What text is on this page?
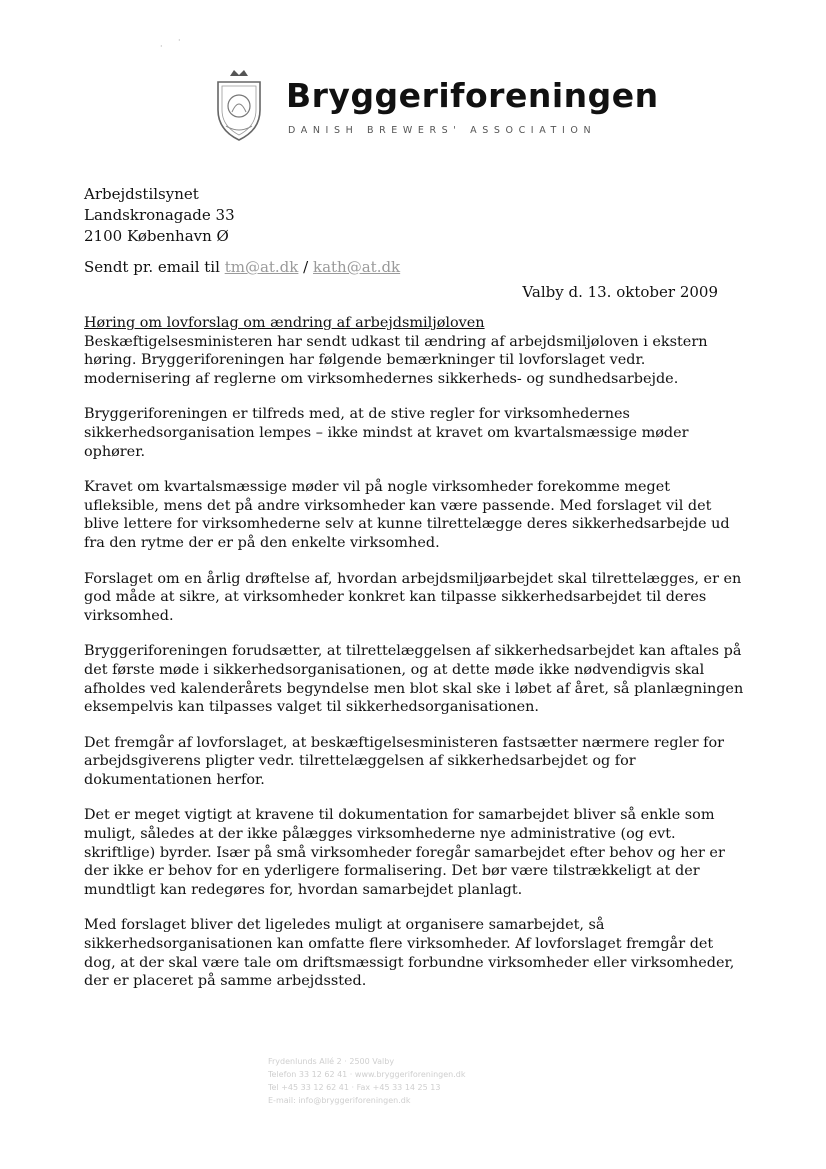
Bryggeriforeningen
DANISH BREWERS' ASSOCIATION
Arbejdstilsynet
Landskronagade 33
2100 København Ø
Sendt pr. email til tm@at.dk / kath@at.dk
Valby d. 13. oktober 2009
Høring om lovforslag om ændring af arbejdsmiljøloven

Beskæftigelsesministeren har sendt udkast til ændring af arbejdsmiljøloven i ekstern høring. Bryggeriforeningen har følgende bemærkninger til lovforslaget vedr. modernisering af reglerne om virksomhedernes sikkerheds- og sundhedsarbejde.

Bryggeriforeningen er tilfreds med, at de stive regler for virksomhedernes sikkerhedsorganisation lempes – ikke mindst at kravet om kvartalsmæssige møder ophører.

Kravet om kvartalsmæssige møder vil på nogle virksomheder forekomme meget ufleksible, mens det på andre virksomheder kan være passende. Med forslaget vil det blive lettere for virksomhederne selv at kunne tilrettelægge deres sikkerhedsarbejde ud fra den rytme der er på den enkelte virksomhed.

Forslaget om en årlig drøftelse af, hvordan arbejdsmiljøarbejdet skal tilrettelægges, er en god måde at sikre, at virksomheder konkret kan tilpasse sikkerhedsarbejdet til deres virksomhed.

Bryggeriforeningen forudsætter, at tilrettelæggelsen af sikkerhedsarbejdet kan aftales på det første møde i sikkerhedsorganisationen, og at dette møde ikke nødvendigvis skal afholdes ved kalenderårets begyndelse men blot skal ske i løbet af året, så planlægningen eksempelvis kan tilpasses valget til sikkerhedsorganisationen.

Det fremgår af lovforslaget, at beskæftigelsesministeren fastsætter nærmere regler for arbejdsgiverens pligter vedr. tilrettelæggelsen af sikkerhedsarbejdet og for dokumentationen herfor.

Det er meget vigtigt at kravene til dokumentation for samarbejdet bliver så enkle som muligt, således at der ikke pålægges virksomhederne nye administrative (og evt. skriftlige) byrder. Især på små virksomheder foregår samarbejdet efter behov og her er der ikke er behov for en yderligere formalisering. Det bør være tilstrækkeligt at der mundtligt kan redegøres for, hvordan samarbejdet planlagt.

Med forslaget bliver det ligeledes muligt at organisere samarbejdet, så sikkerhedsorganisationen kan omfatte flere virksomheder. Af lovforslaget fremgår det dog, at der skal være tale om driftsmæssigt forbundne virksomheder eller virksomheder, der er placeret på samme arbejdssted.

Frydenlunds Allé 2 · 2500 Valby
Telefon 33 12 62 41 · www.bryggeriforeningen.dk
Tel +45 33 12 62 41 · Fax +45 33 14 25 13
E-mail: info@bryggeriforeningen.dk
·
·
